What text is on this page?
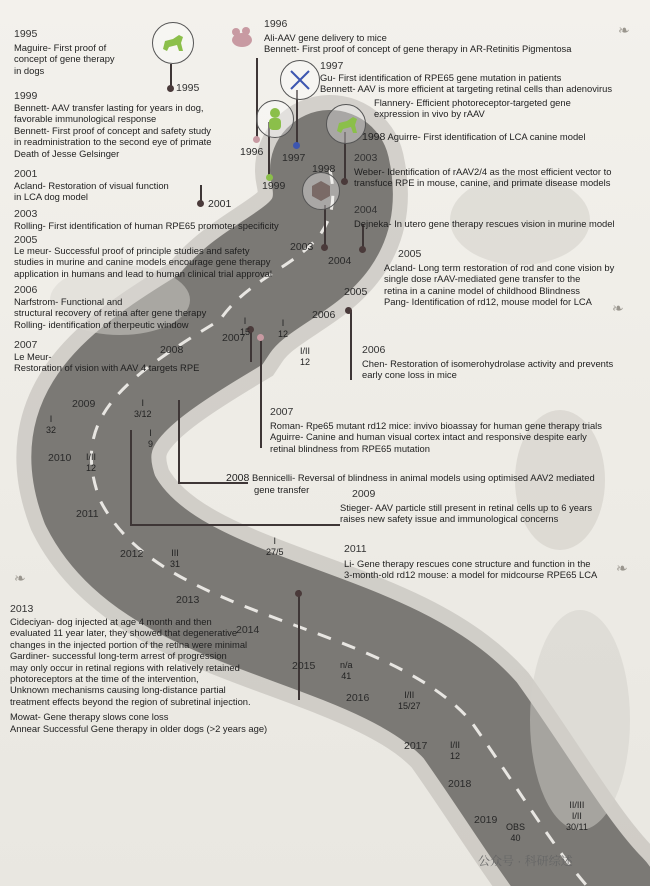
1995
Maguire- First proof of
concept of gene therapy
in dogs
1995
1996
Ali-AAV gene delivery to mice
Bennett- First proof of concept of gene therapy in AR-Retinitis Pigmentosa
1997
Gu- First identification of RPE65 gene mutation in patients
Bennett- AAV is more efficient at targeting retinal cells than adenovirus
1999
Bennett- AAV transfer lasting for years in dog,
favorable immunological response
Bennett- First proof of concept and safety study
in readministration to the second eye of primate
Death of Jesse Gelsinger
Flannery- Efficient photoreceptor-targeted gene
expression in vivo by rAAV
1998 Aguirre- First identification of LCA canine model
2003
Weber- Identification of rAAV2/4 as the most efficient vector to
transfuce RPE in mouse, canine, and primate disease models
2001
Acland- Restoration of visual function
in LCA dog model
2003
Rolling- First identification of human RPE65 promoter specificity
2004
Dejneka- In utero gene therapy rescues vision in murine model
2005
Le meur- Successful proof of principle studies and safety
studies in murine and canine models encourage gene therapy
application in humans and lead to human clinical trial approval
2005
Acland- Long term restoration of rod and cone vision by
single dose rAAV-mediated gene transfer to the
retina in a canine model of childhood Blindness
Pang- Identification of rd12, mouse model for LCA
2006
Narfstrom- Functional and
structural recovery of retina after gene therapy
Rolling- identification of therpeutic window
2007
Le Meur-
Restoration of vision with AAV 4 targets RPE
2006
Chen- Restoration of isomerohydrolase activity and prevents
early cone loss in mice
2007
Roman- Rpe65 mutant rd12 mice: invivo bioassay for human gene therapy trials
Aguirre- Canine and human visual cortex intact and responsive despite early
retinal blindness from RPE65 mutation
2008 Bennicelli- Reversal of blindness in animal models using optimised AAV2 mediated
gene transfer	2009
Stieger- AAV particle still present in retinal cells up to 6 years
raises new safety issue and immunological concerns
2011
Li- Gene therapy rescues cone structure and function in the
3-month-old rd12 mouse: a model for midcourse RPE65 LCA
2013
Cideciyan- dog injected at age 4 month and then
evaluated 11 year later, they showed that degenerative
changes in the injected portion of the retina were minimal
Gardiner- successful long-term arrest of progression
may only occur in retinal regions with relatively retained
photoreceptors at the time of the intervention,
Unknown mechanisms causing long-distance partial
treatment effects beyond the region of subretinal injection.
Mowat- Gene therapy slows cone loss
Annear Successful Gene therapy in older dogs (>2 years age)
1996 1997
1999
1998
2001
2003
2004
2005
2006
2007
2008
2009
2010
2011
2012
2013
2014
2015
2016
2017
2018
2019
I
15
I
12
I/II
12
I
32
I
3/12
I
9
I/II
12
III
31
I
27/5
n/a
41
I/II
15/27
I/II
12
OBS
40
II/III
I/II
30/11
❧
❧
❧
❧
公众号 · 科研综述
